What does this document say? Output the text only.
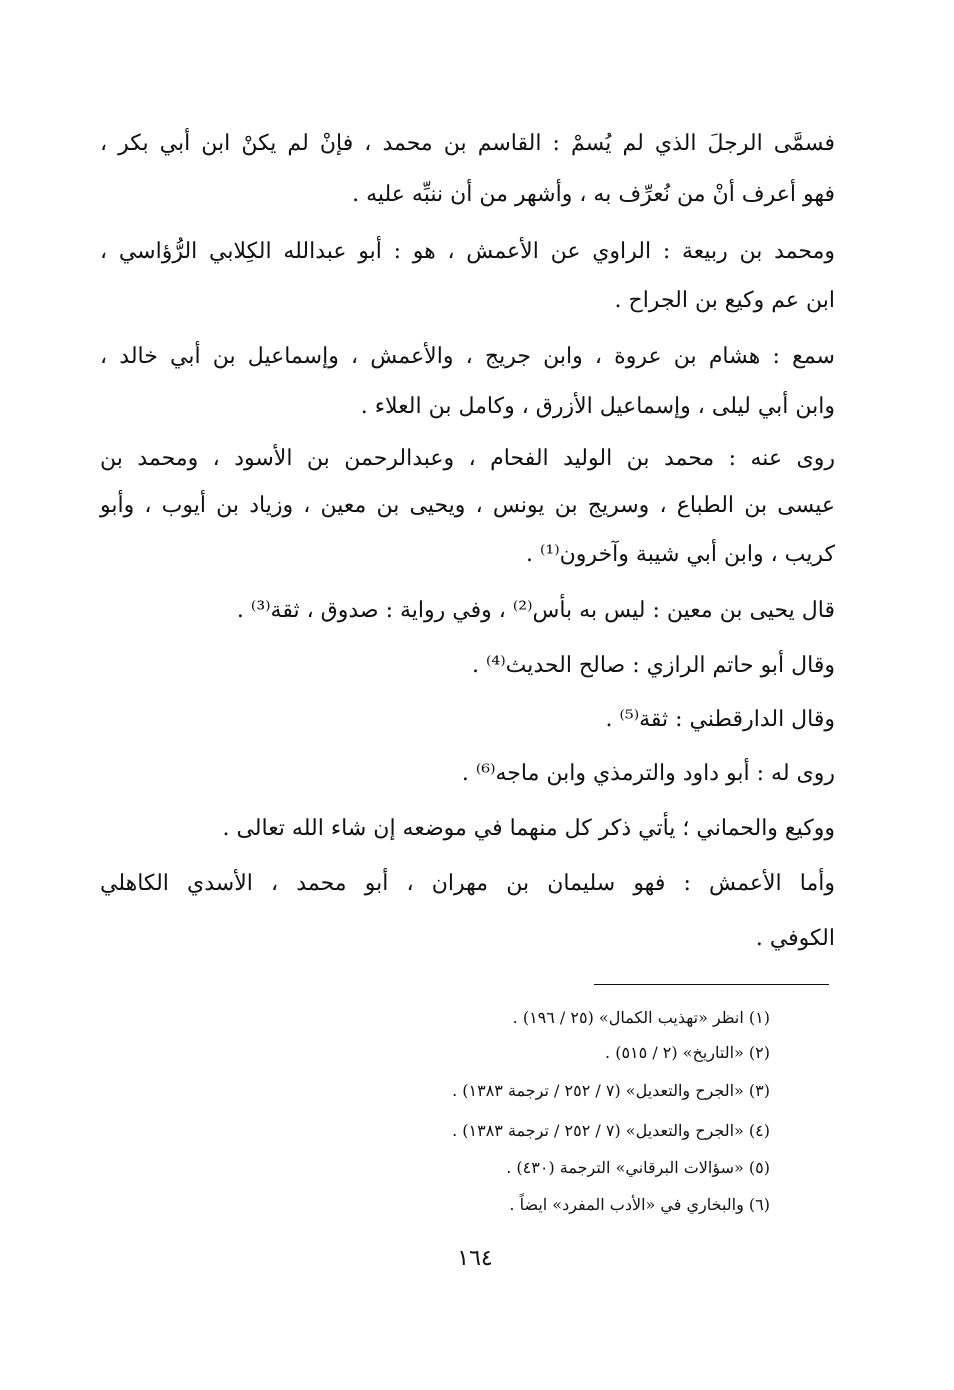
فسمَّى الرجلَ الذي لم يُسمْ : القاسم بن محمد ، فإنْ لم يكنْ ابن أبي بكر ،
فهو أعرف أنْ من نُعرِّف به ، وأشهر من أن ننبِّه عليه .
ومحمد بن ربيعة : الراوي عن الأعمش ، هو : أبو عبدالله الكِلابي الرُّؤاسي ،
ابن عم وكيع بن الجراح .
سمع : هشام بن عروة ، وابن جريج ، والأعمش ، وإسماعيل بن أبي خالد ،
وابن أبي ليلى ، وإسماعيل الأزرق ، وكامل بن العلاء .
روى عنه : محمد بن الوليد الفحام ، وعبدالرحمن بن الأسود ، ومحمد بن
عيسى بن الطباع ، وسريج بن يونس ، ويحيى بن معين ، وزياد بن أيوب ، وأبو
كريب ، وابن أبي شيبة وآخرون⁽¹⁾ .
قال يحيى بن معين : ليس به بأس⁽²⁾ ، وفي رواية : صدوق ، ثقة⁽³⁾ .
وقال أبو حاتم الرازي : صالح الحديث⁽⁴⁾ .
وقال الدارقطني : ثقة⁽⁵⁾ .
روى له : أبو داود والترمذي وابن ماجه⁽⁶⁾ .
ووكيع والحماني ؛ يأتي ذكر كل منهما في موضعه إن شاء الله تعالى .
وأما الأعمش : فهو سليمان بن مهران ، أبو محمد ، الأسدي الكاهلي
الكوفي .
(١) انظر «تهذيب الكمال» (٢٥ / ١٩٦) .
(٢) «التاريخ» (٢ / ٥١٥) .
(٣) «الجرح والتعديل» (٧ / ٢٥٢ / ترجمة ١٣٨٣) .
(٤) «الجرح والتعديل» (٧ / ٢٥٢ / ترجمة ١٣٨٣) .
(٥) «سؤالات البرقاني» الترجمة (٤٣٠) .
(٦) والبخاري في «الأدب المفرد» ايضاً .
١٦٤
